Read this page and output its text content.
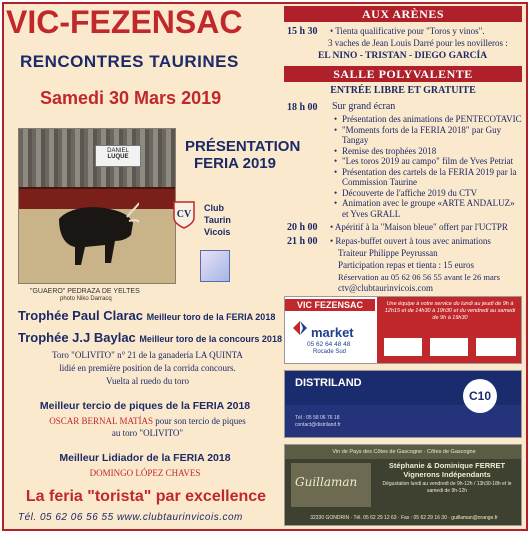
VIC-FEZENSAC
RENCONTRES TAURINES
Samedi 30 Mars 2019
DANIEL
LUQUE
"GUAERO" PEDRAZA DE YELTES
photo Niko Darracq
PRÉSENTATION
FERIA 2019
CV
Club
Taurin
Vicois
Trophée Paul Clarac Meilleur toro de la FERIA 2018
Trophée J.J Baylac Meilleur toro de la concours 2018
Toro "OLIVITO" n° 21 de la ganadería LA QUINTA
lidié en première position de la corrida concours.
Vuelta al ruedo du toro
Meilleur tercio de piques de la FERIA 2018
OSCAR BERNAL MATÍAS pour son tercio de piques
au toro "OLIVITO"
Meilleur Lidiador de la FERIA 2018
DOMINGO LÓPEZ CHAVES
La feria "torista" par excellence
Tél. 05 62 06 56 55 www.clubtaurinvicois.com
AUX ARÈNES
15 h 30 • Tienta qualificative pour "Toros y vinos".
3 vaches de Jean Louis Darré pour les novilleros :
EL NINO - TRISTAN - DIEGO GARCÍA
SALLE POLYVALENTE
ENTRÉE LIBRE ET GRATUITE
18 h 00 Sur grand écran
• Présentation des animations de PENTECOTAVIC
• "Moments forts de la FERIA 2018" par Guy Tangay
• Remise des trophées 2018
• "Les toros 2019 au campo" film de Yves Petriat
• Présentation des cartels de la FERIA 2019 par la Commission Taurine
• Découverte de l'affiche 2019 du CTV
• Animation avec le groupe «ARTE ANDALUZ» et Yves GRALL
20 h 00 • Apéritif à la "Maison bleue" offert par l'UCTPR
21 h 00 • Repas-buffet ouvert à tous avec animations
Traiteur Philippe Peyrussan
Participation repas et tienta : 15 euros
Réservation au 05 62 06 56 55 avant le 26 mars
ctv@clubtaurinvicois.com
VIC FEZENSAC
market
05 62 64 48 48
Rocade Sud
Une équipe à votre service du lundi au jeudi de 9h à 12h15 et de 14h30 à 19h30 et du vendredi au samedi de 9h à 19h30
DISTRILAND
C10
Tél : 05 58 06 76 18
contact@distriland.fr
Vin de Pays des Côtes de Gascogne · Côtes de Gascogne
Guillaman
Stéphanie & Dominique FERRET
Vignerons Indépendants
Dégustation lundi au vendredi de 9h-12h / 13h30-18h et le samedi de 9h-12h
32330 GONDRIN · Tél. 05 62 29 12 63 · Fax : 05 62 29 16 30 · guillaman@orange.fr
